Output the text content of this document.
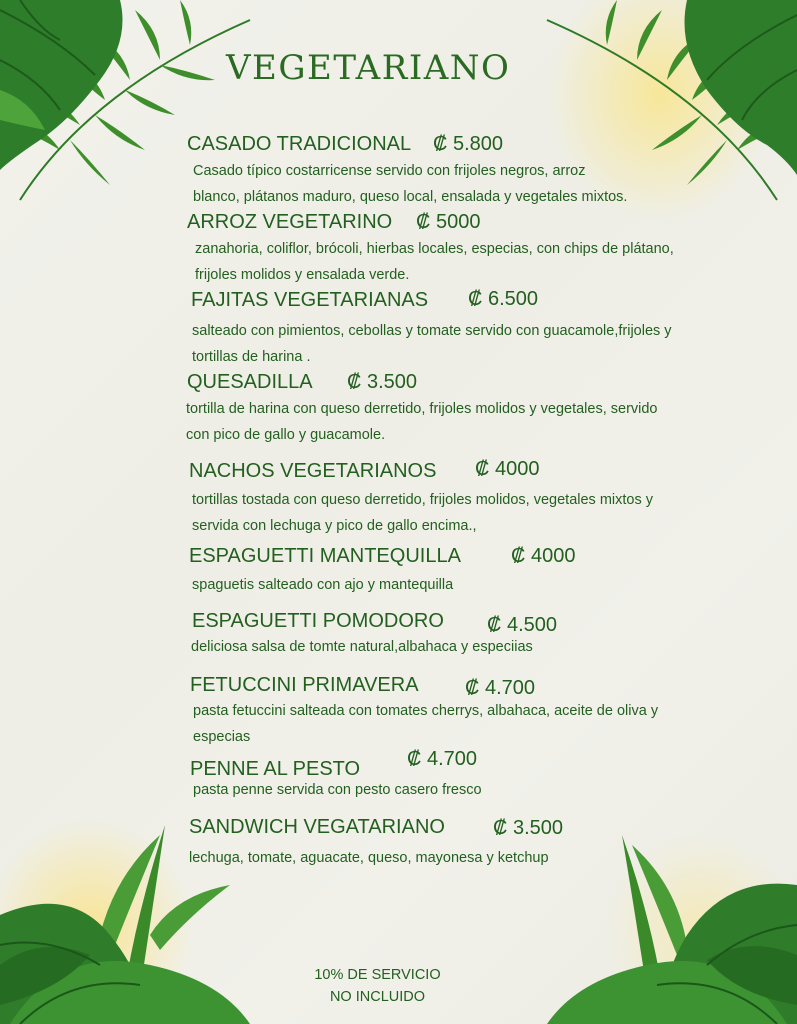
VEGETARIANO
CASADO TRADICIONAL ₡ 5.800

Casado típico costarricense servido con frijoles negros, arroz
blanco, plátanos maduro, queso local, ensalada y vegetales mixtos.

ARROZ VEGETARINO ₡ 5000

zanahoria, coliflor, brócoli, hierbas locales, especias, con chips de plátano,
frijoles molidos y ensalada verde.

FAJITAS VEGETARIANAS ₡ 6.500

salteado con pimientos, cebollas y tomate servido con guacamole,frijoles y
tortillas de harina .

QUESADILLA ₡ 3.500

tortilla de harina con queso derretido, frijoles molidos y vegetales, servido
con pico de gallo y guacamole.

NACHOS VEGETARIANOS ₡ 4000

tortillas tostada con queso derretido, frijoles molidos, vegetales mixtos y
servida con lechuga y pico de gallo encima.,

ESPAGUETTI MANTEQUILLA	₡ 4000

spaguetis salteado con ajo y mantequilla

ESPAGUETTI POMODORO ₡ 4.500

deliciosa salsa de tomte natural,albahaca y especiias

FETUCCINI PRIMAVERA ₡ 4.700

pasta fetuccini salteada con tomates cherrys, albahaca, aceite de oliva y
especias

PENNE AL PESTO ₡ 4.700

pasta penne servida con pesto casero fresco

SANDWICH VEGATARIANO ₡ 3.500

lechuga, tomate, aguacate, queso, mayonesa y ketchup

10% DE SERVICIO
NO INCLUIDO
